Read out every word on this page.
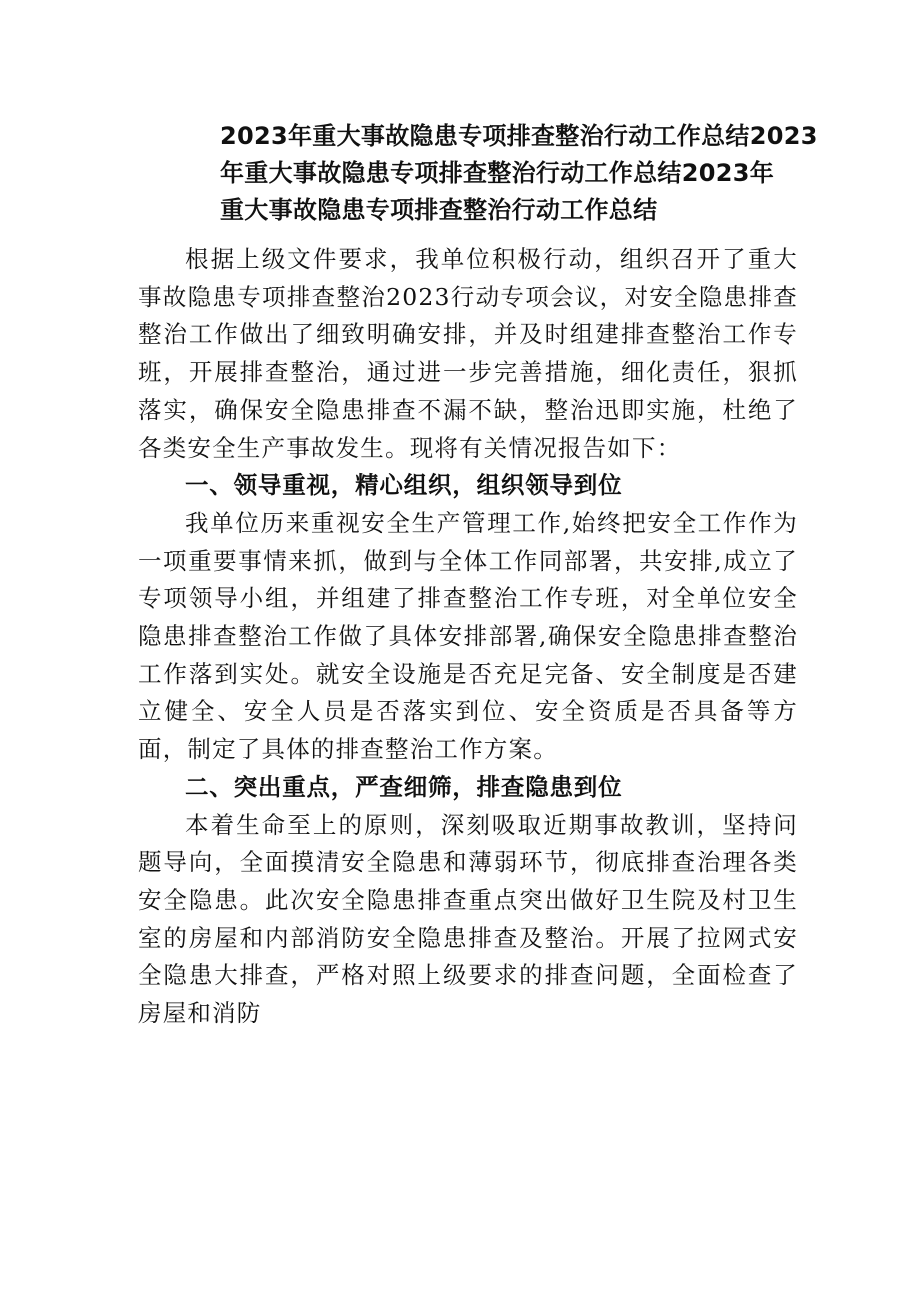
2023年重大事故隐患专项排查整治行动工作总结2023
年重大事故隐患专项排查整治行动工作总结2023年
重大事故隐患专项排查整治行动工作总结

根据上级文件要求，我单位积极行动，组织召开了重大事故隐患专项排查整治2023行动专项会议，对安全隐患排查整治工作做出了细致明确安排，并及时组建排查整治工作专班，开展排查整治，通过进一步完善措施，细化责任，狠抓落实，确保安全隐患排查不漏不缺，整治迅即实施，杜绝了各类安全生产事故发生。现将有关情况报告如下：

一、领导重视，精心组织，组织领导到位

我单位历来重视安全生产管理工作,始终把安全工作作为一项重要事情来抓，做到与全体工作同部署，共安排,成立了专项领导小组，并组建了排查整治工作专班，对全单位安全隐患排查整治工作做了具体安排部署,确保安全隐患排查整治工作落到实处。就安全设施是否充足完备、安全制度是否建立健全、安全人员是否落实到位、安全资质是否具备等方面，制定了具体的排查整治工作方案。

二、突出重点，严查细筛，排查隐患到位

本着生命至上的原则，深刻吸取近期事故教训，坚持问题导向，全面摸清安全隐患和薄弱环节，彻底排查治理各类安全隐患。此次安全隐患排查重点突出做好卫生院及村卫生室的房屋和内部消防安全隐患排查及整治。开展了拉网式安全隐患大排查，严格对照上级要求的排查问题，全面检查了房屋和消防
